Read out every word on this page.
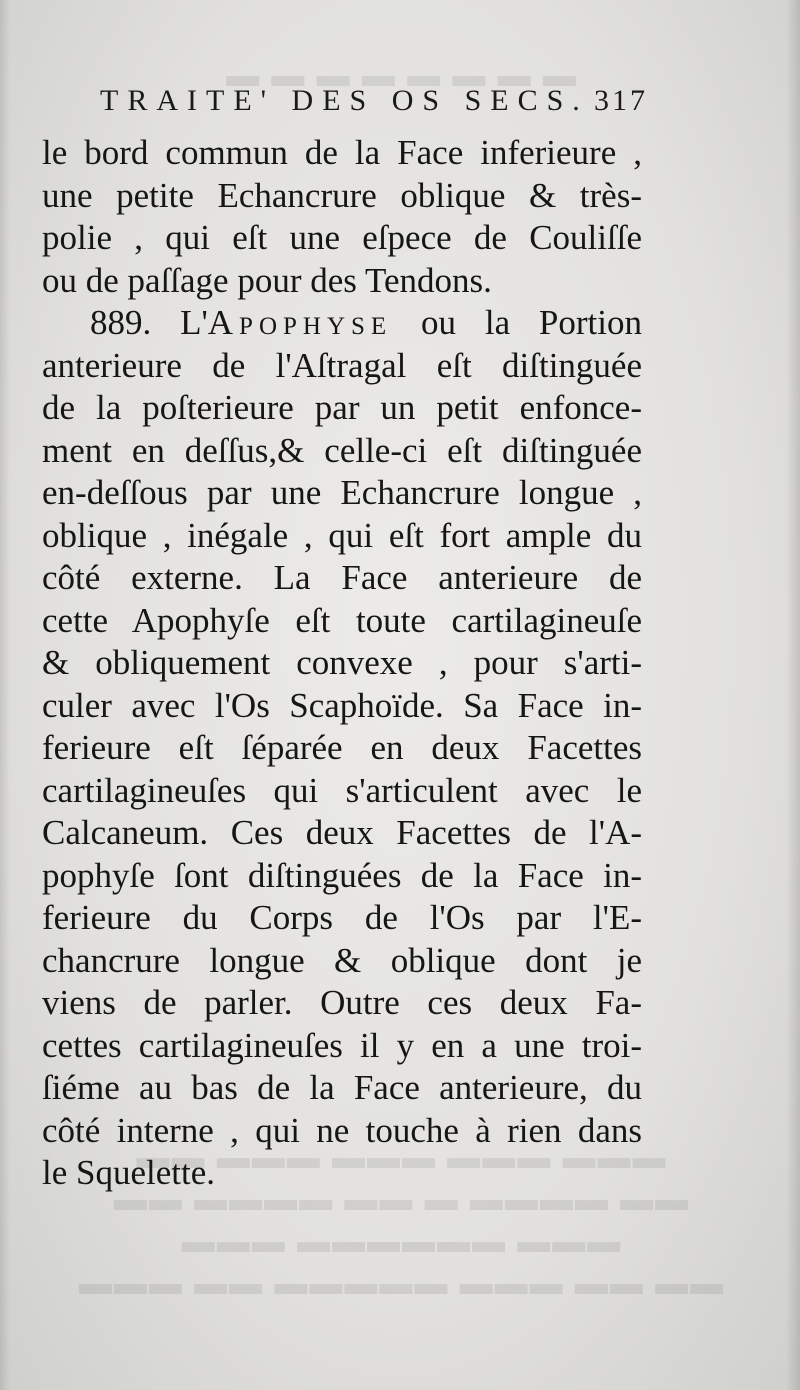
▬ ▬ ▬ ▬ ▬ ▬ ▬ ▬
▬▬▬ ▬▬▬ ▬▬▬ ▬▬▬ ▬▬
▬▬ ▬▬▬▬ ▬ ▬▬ ▬▬▬▬ ▬▬
▬▬▬ ▬▬▬▬▬▬ ▬▬▬
▬▬ ▬▬ ▬▬▬ ▬▬▬▬▬ ▬▬ ▬▬▬
TRAITE' DES OS SECS. 317
le bord commun de la Face inferieure ,
une petite Echancrure oblique & très-
polie , qui eſt une eſpece de Couliſſe
ou de paſſage pour des Tendons.
889. L'Apophyse ou la Portion
anterieure de l'Aſtragal eſt diſtinguée
de la poſterieure par un petit enfonce-
ment en deſſus,& celle-ci eſt diſtinguée
en-deſſous par une Echancrure longue ,
oblique , inégale , qui eſt fort ample du
côté externe. La Face anterieure de
cette Apophyſe eſt toute cartilagineuſe
& obliquement convexe , pour s'arti-
culer avec l'Os Scaphoïde. Sa Face in-
ferieure eſt ſéparée en deux Facettes
cartilagineuſes qui s'articulent avec le
Calcaneum. Ces deux Facettes de l'A-
pophyſe ſont diſtinguées de la Face in-
ferieure du Corps de l'Os par l'E-
chancrure longue & oblique dont je
viens de parler. Outre ces deux Fa-
cettes cartilagineuſes il y en a une troi-
ſiéme au bas de la Face anterieure, du
côté interne , qui ne touche à rien dans
le Squelette.
